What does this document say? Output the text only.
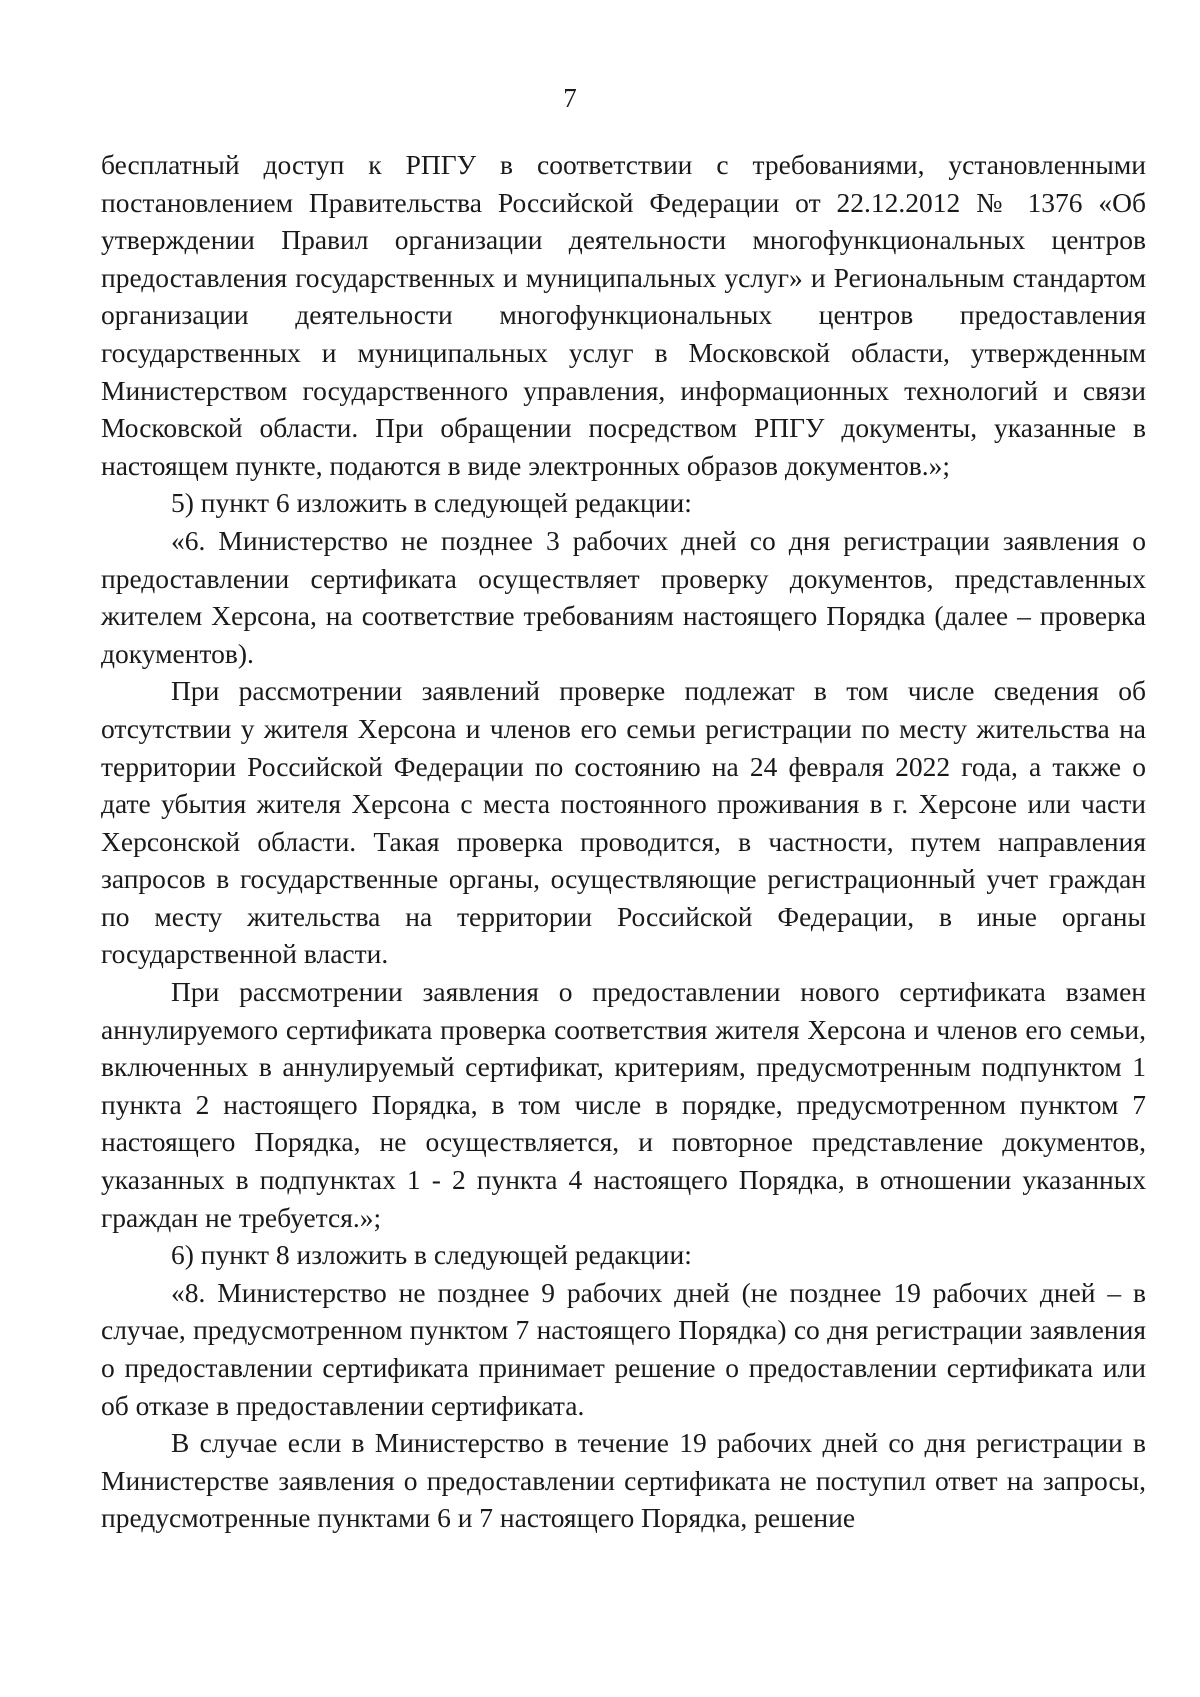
7

бесплатный доступ к РПГУ в соответствии с требованиями, установленными постановлением Правительства Российской Федерации от 22.12.2012 № 1376 «Об утверждении Правил организации деятельности многофункциональных центров предоставления государственных и муниципальных услуг» и Региональным стандартом организации деятельности многофункциональных центров предоставления государственных и муниципальных услуг в Московской области, утвержденным Министерством государственного управления, информационных технологий и связи Московской области. При обращении посредством РПГУ документы, указанные в настоящем пункте, подаются в виде электронных образов документов.»;

5) пункт 6 изложить в следующей редакции:

«6. Министерство не позднее 3 рабочих дней со дня регистрации заявления о предоставлении сертификата осуществляет проверку документов, представленных жителем Херсона, на соответствие требованиям настоящего Порядка (далее – проверка документов).

При рассмотрении заявлений проверке подлежат в том числе сведения об отсутствии у жителя Херсона и членов его семьи регистрации по месту жительства на территории Российской Федерации по состоянию на 24 февраля 2022 года, а также о дате убытия жителя Херсона с места постоянного проживания в г. Херсоне или части Херсонской области. Такая проверка проводится, в частности, путем направления запросов в государственные органы, осуществляющие регистрационный учет граждан по месту жительства на территории Российской Федерации, в иные органы государственной власти.

При рассмотрении заявления о предоставлении нового сертификата взамен аннулируемого сертификата проверка соответствия жителя Херсона и членов его семьи, включенных в аннулируемый сертификат, критериям, предусмотренным подпунктом 1 пункта 2 настоящего Порядка, в том числе в порядке, предусмотренном пунктом 7 настоящего Порядка, не осуществляется, и повторное представление документов, указанных в подпунктах 1 - 2 пункта 4 настоящего Порядка, в отношении указанных граждан не требуется.»;

6) пункт 8 изложить в следующей редакции:

«8. Министерство не позднее 9 рабочих дней (не позднее 19 рабочих дней – в случае, предусмотренном пунктом 7 настоящего Порядка) со дня регистрации заявления о предоставлении сертификата принимает решение о предоставлении сертификата или об отказе в предоставлении сертификата.

В случае если в Министерство в течение 19 рабочих дней со дня регистрации в Министерстве заявления о предоставлении сертификата не поступил ответ на запросы, предусмотренные пунктами 6 и 7 настоящего Порядка, решение
